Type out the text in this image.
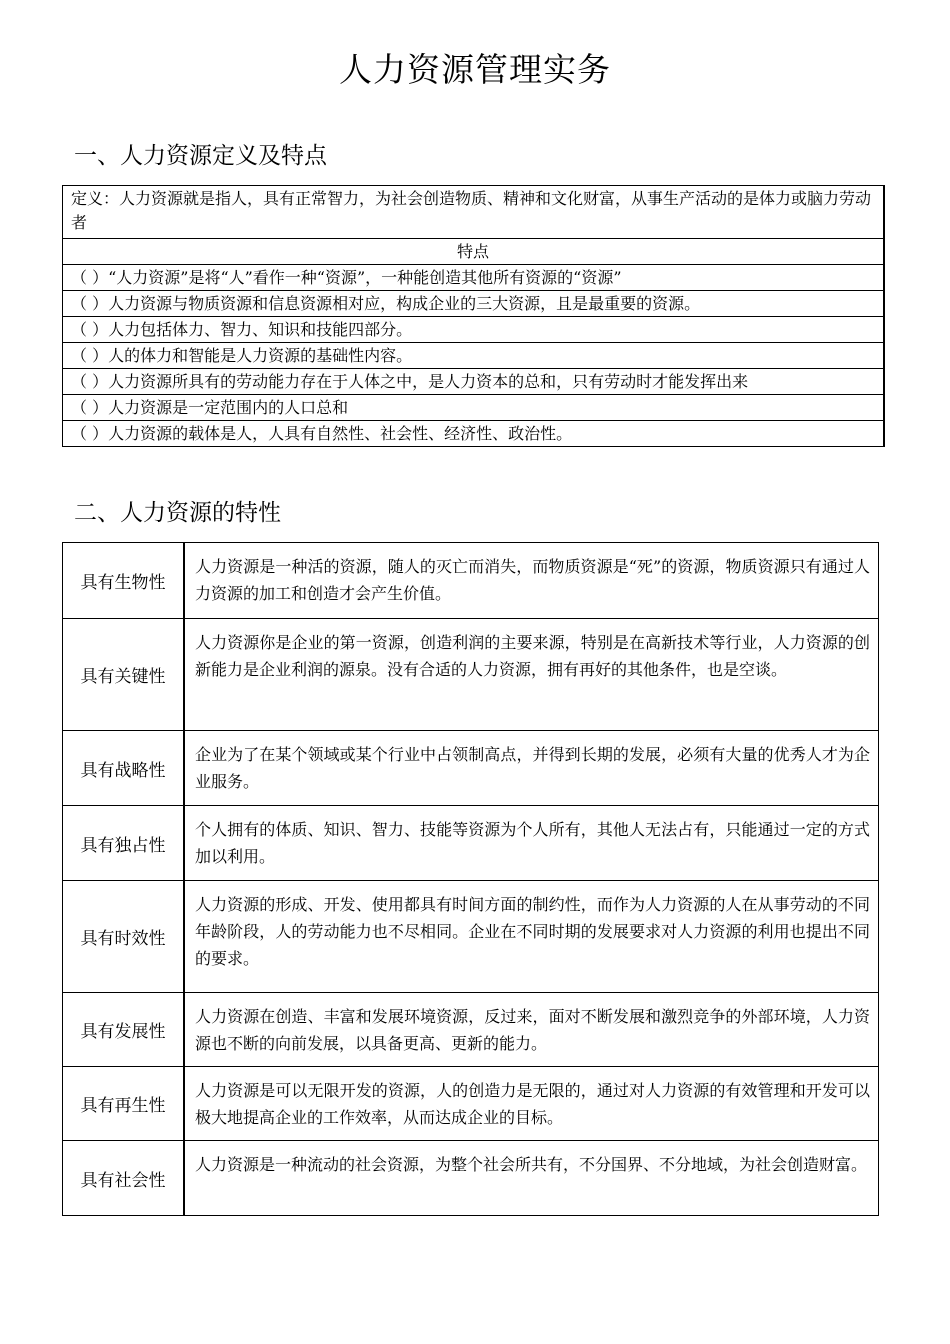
人力资源管理实务
一、人力资源定义及特点
定义：人力资源就是指人，具有正常智力，为社会创造物质、精神和文化财富，从事生产活动的是体力或脑力劳动者
特点
（ ）“人力资源”是将“人”看作一种“资源”，一种能创造其他所有资源的“资源”
（ ）人力资源与物质资源和信息资源相对应，构成企业的三大资源，且是最重要的资源。
（ ）人力包括体力、智力、知识和技能四部分。
（ ）人的体力和智能是人力资源的基础性内容。
（ ）人力资源所具有的劳动能力存在于人体之中，是人力资本的总和，只有劳动时才能发挥出来
（ ）人力资源是一定范围内的人口总和
（ ）人力资源的载体是人，人具有自然性、社会性、经济性、政治性。
二、人力资源的特性
具有生物性
人力资源是一种活的资源，随人的灭亡而消失，而物质资源是“死”的资源，物质资源只有通过人力资源的加工和创造才会产生价值。
具有关键性
人力资源你是企业的第一资源，创造利润的主要来源，特别是在高新技术等行业，人力资源的创新能力是企业利润的源泉。没有合适的人力资源，拥有再好的其他条件，也是空谈。
具有战略性
企业为了在某个领域或某个行业中占领制高点，并得到长期的发展，必须有大量的优秀人才为企业服务。
具有独占性
个人拥有的体质、知识、智力、技能等资源为个人所有，其他人无法占有，只能通过一定的方式加以利用。
具有时效性
人力资源的形成、开发、使用都具有时间方面的制约性，而作为人力资源的人在从事劳动的不同年龄阶段，人的劳动能力也不尽相同。企业在不同时期的发展要求对人力资源的利用也提出不同的要求。
具有发展性
人力资源在创造、丰富和发展环境资源，反过来，面对不断发展和激烈竞争的外部环境，人力资源也不断的向前发展，以具备更高、更新的能力。
具有再生性
人力资源是可以无限开发的资源，人的创造力是无限的，通过对人力资源的有效管理和开发可以极大地提高企业的工作效率，从而达成企业的目标。
具有社会性
人力资源是一种流动的社会资源，为整个社会所共有，不分国界、不分地域，为社会创造财富。
